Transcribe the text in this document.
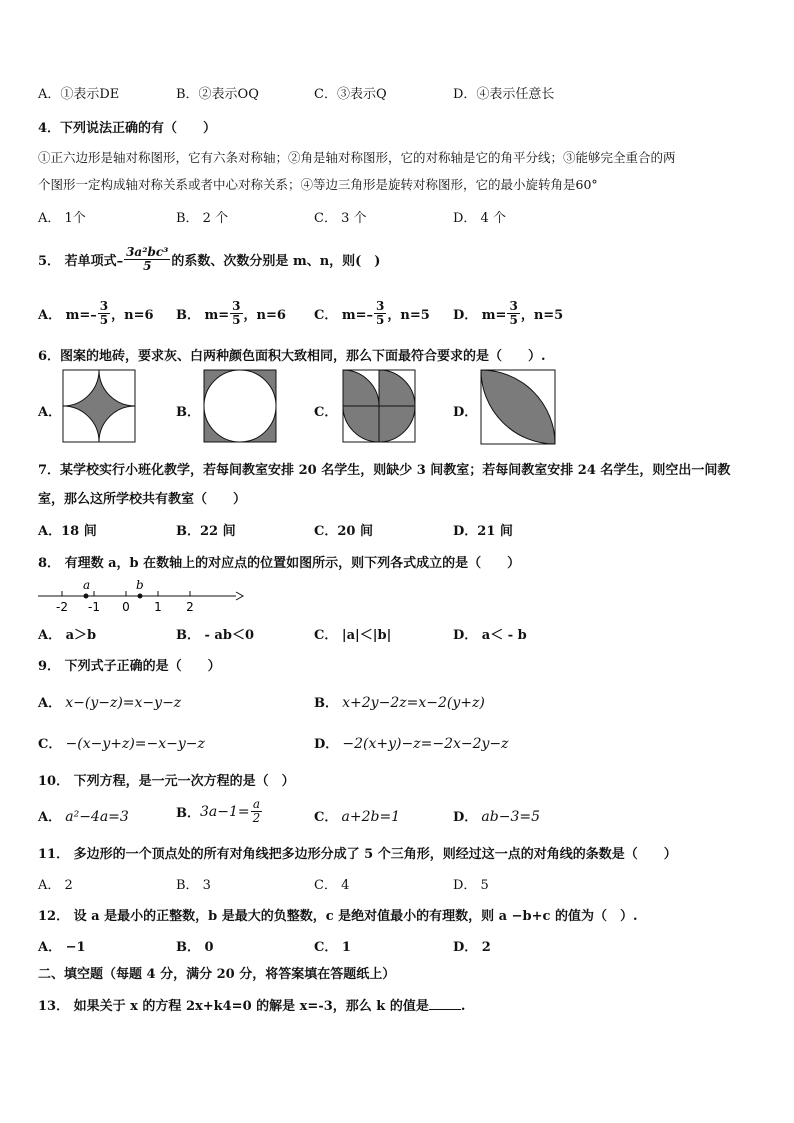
A．①表示DE	B．②表示OQ	C．③表示Q	D．④表示任意长
4．下列说法正确的有（　　）
①正六边形是轴对称图形，它有六条对称轴；②角是轴对称图形，它的对称轴是它的角平分线；③能够完全重合的两
个图形一定构成轴对称关系或者中心对称关系；④等边三角形是旋转对称图形，它的最小旋转角是60°
A． 1个	B． 2 个	C． 3 个	D． 4 个
5． 若单项式– $\frac{\text{3a²bc³}}{5}$ 的系数、次数分别是 m、n，则(　)
A． $m=- \frac{3}{5}$ ，n=6 B． $m= \frac{3}{5}$ ，n=6 C． $m=- \frac{3}{5}$ ，n=5 D． $m= \frac{3}{5}$ ，n=5
6．图案的地砖，要求灰、白两种颜色面积大致相同，那么下面最符合要求的是（　　）.
A．	B．	C．	D．
7．某学校实行小班化教学，若每间教室安排 20 名学生，则缺少 3 间教室；若每间教室安排 24 名学生，则空出一间教
室，那么这所学校共有教室（　　）
A．18 间	B．22 间	C．20 间	D．21 间
8． 有理数 a，b 在数轴上的对应点的位置如图所示，则下列各式成立的是（　　）
a	b
-2 -1 0 1 2
A． a＞b	B． - ab＜0	C． |a|＜|b|	D． a＜ - b
9． 下列式子正确的是（　　）
A． x−(y−z)=x−y−z	B． x+2y−2z=x−2(y+z)
C． −(x−y+z)=−x−y−z	D． −2(x+y)−z=−2x−2y−z
10． 下列方程，是一元一次方程的是（　）
A． a²−4a=3	B． $3a-1= \frac{a}{2}$	C． a+2b=1	D． ab−3=5
11． 多边形的一个顶点处的所有对角线把多边形分成了 5 个三角形，则经过这一点的对角线的条数是（　　）
A． 2	B． 3	C． 4	D． 5
12． 设 a 是最小的正整数，b 是最大的负整数，c 是绝对值最小的有理数，则 a −b+c 的值为（　）.
A． −1	B． 0	C． 1	D． 2
二、填空题（每题 4 分，满分 20 分，将答案填在答题纸上）
13． 如果关于 x 的方程 2x+k4=0 的解是 x=-3，那么 k 的值是 .
